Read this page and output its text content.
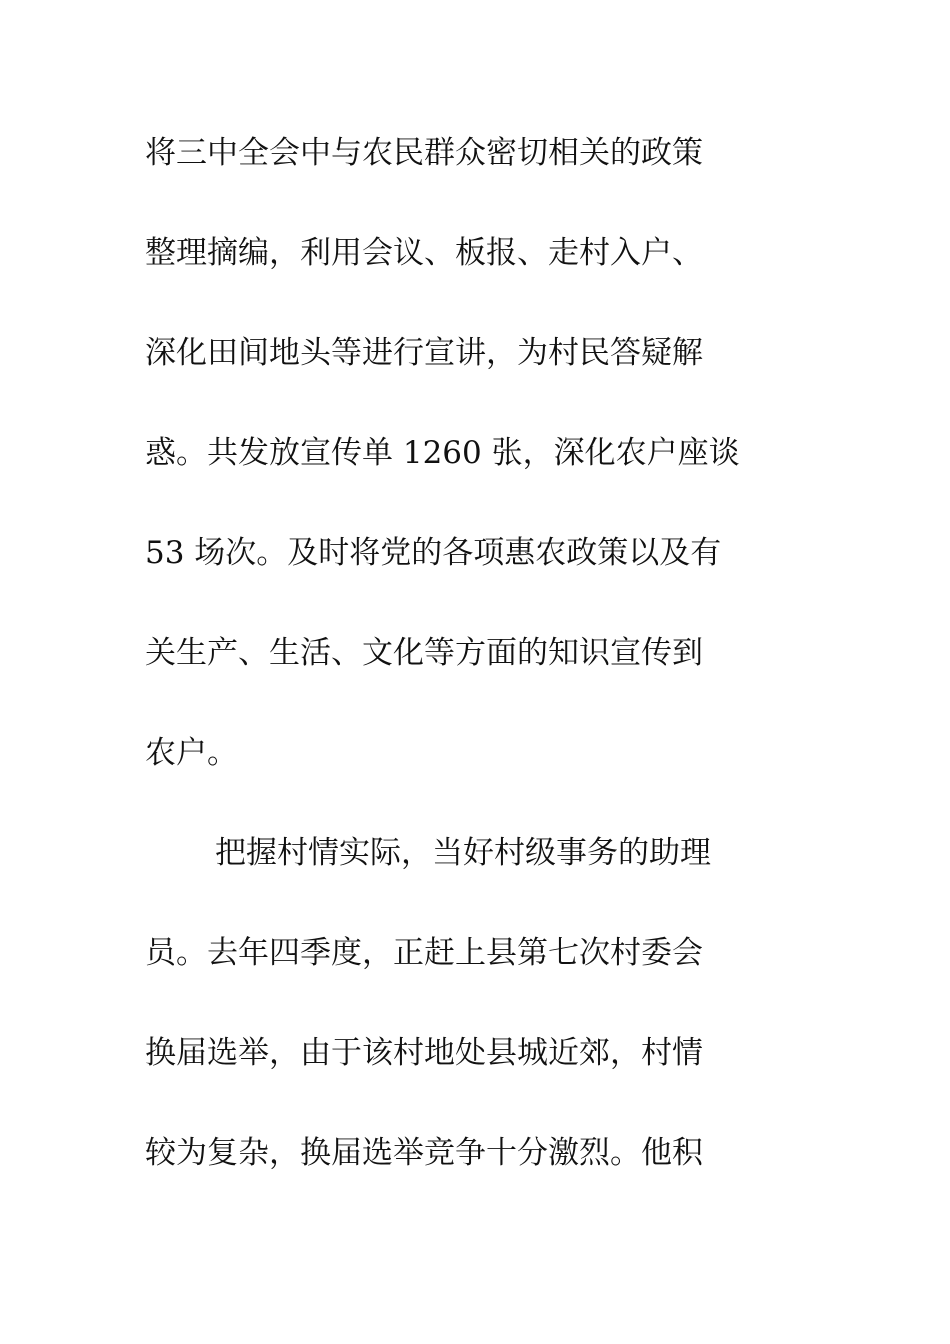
将三中全会中与农民群众密切相关的政策
整理摘编，利用会议、板报、走村入户、
深化田间地头等进行宣讲，为村民答疑解
惑。共发放宣传单 1260 张，深化农户座谈
53 场次。及时将党的各项惠农政策以及有
关生产、生活、文化等方面的知识宣传到
农户。
把握村情实际，当好村级事务的助理
员。去年四季度，正赶上县第七次村委会
换届选举，由于该村地处县城近郊，村情
较为复杂，换届选举竞争十分激烈。他积
